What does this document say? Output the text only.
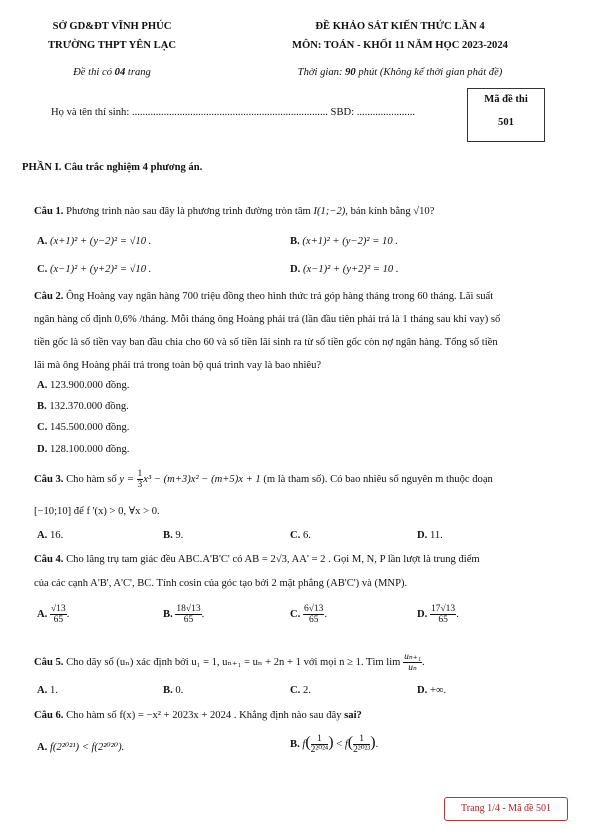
SỞ GD&ĐT VĨNH PHÚC
TRƯỜNG THPT YÊN LẠC
Đề thi có 04 trang
ĐỀ KHẢO SÁT KIẾN THỨC LẦN 4
MÔN: TOÁN - KHỐI 11 NĂM HỌC 2023-2024
Thời gian: 90 phút (Không kể thời gian phát đề)
Họ và tên thí sinh: .......................................................................... SBD: ......................
Mã đề thi
501
PHẦN I. Câu trắc nghiệm 4 phương án.
Câu 1. Phương trình nào sau đây là phương trình đường tròn tâm I(1;−2), bán kính bằng √10?
A. (x+1)² + (y−2)² = √10 .	B. (x+1)² + (y−2)² = 10 .
C. (x−1)² + (y+2)² = √10 .	D. (x−1)² + (y+2)² = 10 .
Câu 2. Ông Hoàng vay ngân hàng 700 triệu đồng theo hình thức trả góp hàng tháng trong 60 tháng. Lãi suất
ngân hàng cố định 0,6% /tháng. Mỗi tháng ông Hoàng phải trả (lần đầu tiên phải trả là 1 tháng sau khi vay) số
tiền gốc là số tiền vay ban đầu chia cho 60 và số tiền lãi sinh ra từ số tiền gốc còn nợ ngân hàng. Tổng số tiền
lãi mà ông Hoàng phải trả trong toàn bộ quá trình vay là bao nhiêu?
A. 123.900.000 đồng.
B. 132.370.000 đồng.
C. 145.500.000 đồng.
D. 128.100.000 đồng.
Câu 3. Cho hàm số $y = \frac{1}{3} x^3 - (m+3)x^2 - (m+5)x + 1$ (m là tham số). Có bao nhiêu số nguyên m thuộc đoạn
[−10;10] để f '(x) > 0, ∀x > 0.
A. 16.	B. 9.	C. 6.	D. 11.
Câu 4. Cho lăng trụ tam giác đều ABC.A'B'C' có AB = 2√3, AA' = 2 . Gọi M, N, P lần lượt là trung điểm
của các cạnh A'B', A'C', BC. Tính cosin của góc tạo bởi 2 mặt phẳng (AB'C') và (MNP).
A. $\frac{√13}{65}$ .	B. $\frac{18√13}{65}$ .	C. $\frac{6√13}{65}$ .	D. $\frac{17√13}{65}$ .
Câu 5. Cho dãy số (uₙ) xác định bởi u₁ = 1, uₙ₊₁ = uₙ + 2n + 1 với mọi n ≥ 1. Tìm $\lim \frac{\text{uₙ₊₁}}{\text{uₙ}}$ .
A. 1.	B. 0.	C. 2.	D. +∞.
Câu 6. Cho hàm số f(x) = −x² + 2023x + 2024 . Khẳng định nào sau đây sai?
A. f(2²⁰²¹) < f(2²⁰²⁰).	B. $f( \frac{1}{\text{2²⁰²⁴}}$ ) < $f( \frac{1}{\text{2²⁰²³}}$ ).
Trang 1/4 - Mã đề 501
